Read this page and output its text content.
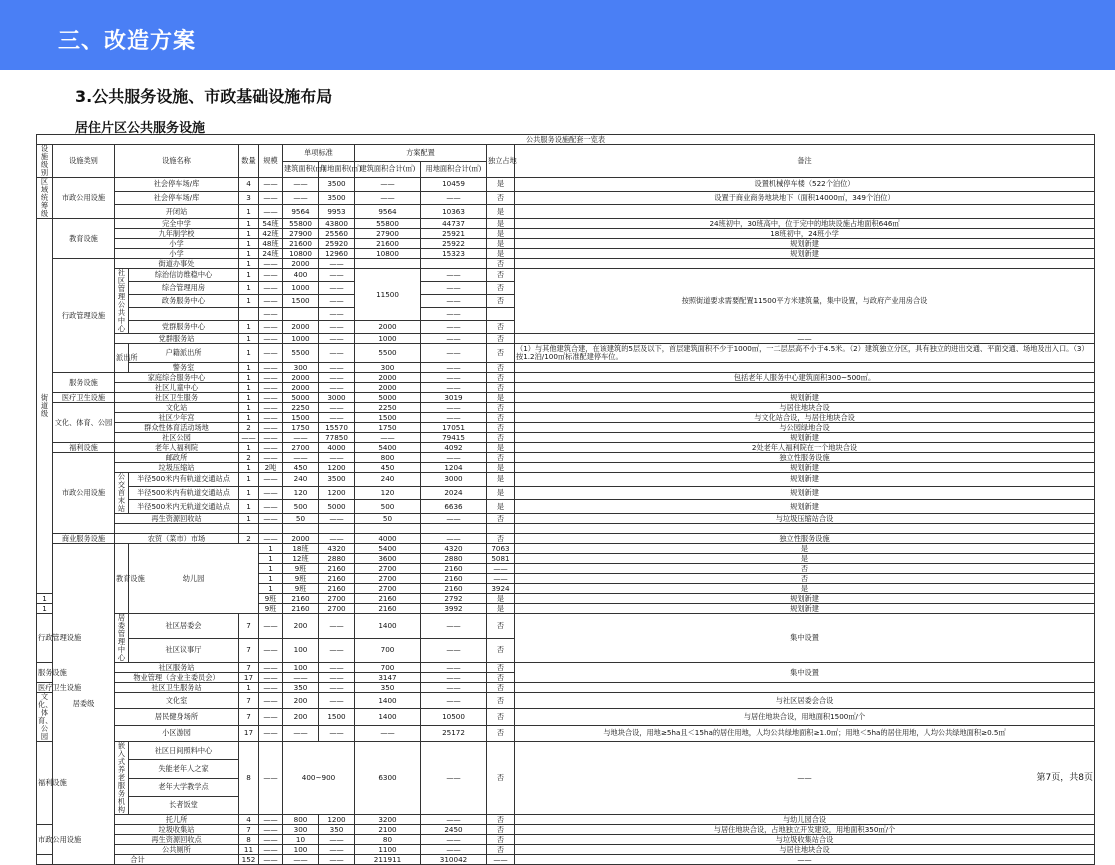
三、改造方案
3.公共服务设施、市政基础设施布局
居住片区公共服务设施
公共服务设施配套一览表												
设施级别	设施类别	设施名称		数量	规模	单项标准		方案配置		独立占地	备注	
						建筑面积(㎡)	用地面积(㎡)	建筑面积合计(㎡)	用地面积合计(㎡)			
区域统筹级	市政公用设施	社会停车场/库		4	——	——	3500	——	10459	是	设置机械停车楼（522个泊位）	
		社会停车场/库		3	——	——	3500	——	——	否	设置于商业商务地块地下（面积14000㎡，349个泊位）	
		开闭站		1	——	9564	9953	9564	10363	是		
街道级	教育设施	完全中学		1	54班	55800	43800	55800	44737	是	24班初中，30班高中，位于完中的地块设施占地面积646㎡	
		九年制学校		1	42班	27900	25560	27900	25921	是	18班初中，24班小学	
		小学		1	48班	21600	25920	21600	25922	是	规划新建	
		小学		1	24班	10800	12960	10800	15323	是	规划新建	
	行政管理设施	街道办事处		1	——	2000	——			否		
		社区管理公共中心	综治信访维稳中心	1	——	400	——	11500	——	否	按照街道要求需要配置11500平方米建筑量，集中设置，与政府产业用房合设	
			综合管理用房	1	——	1000	——		——	否		
			政务服务中心	1	——	1500	——		——	否		
					——		——		——			
			党群服务中心	1	——	2000	——	2000	——	否		
		党群服务站		1	——	1000	——	1000	——	否	——	
		派出所	户籍派出所	1	——	5500	——	5500	——	否	（1）与其他建筑合建，在该建筑的5层及以下，首层建筑面积不少于1000㎡，一二层层高不小于4.5米。（2）建筑独立分区，具有独立的进出交通、平面交通、场地及出入口。（3）按1.2泊/100㎡标准配建停车位。	
			警务室	1	——	300	——	300	——	否		
	服务设施	家庭综合服务中心		1	——	2000	——	2000	——	否	包括老年人服务中心建筑面积300~500㎡。	
		社区儿童中心		1	——	2000	——	2000	——	否		
	医疗卫生设施	社区卫生服务		1	——	5000	3000	5000	3019	是	规划新建	
	文化、体育、公园	文化站		1	——	2250	——	2250	——	否	与居住地块合设	
		社区少年宫		1	——	1500	——	1500	——	否	与文化站合设，与居住地块合设	
		群众性体育活动场地		2	——	1750	15570	1750	17051	否	与公园绿地合设	
		社区公园		——	——	——	77850	——	79415	否	规划新建	
	福利设施	老年人福利院		1	——	2700	4000	5400	4092	是	2处老年人福利院在一个地块合设	
	市政公用设施	邮政所		2	——	——	——	800	——	否	独立性服务设施	
		垃圾压缩站		1	2吨	450	1200	450	1204	是	规划新建	
		公交首末站	半径500米内有轨道交通站点	1	——	240	3500	240	3000	是	规划新建	
			半径500米内有轨道交通站点	1	——	120	1200	120	2024	是	规划新建	
			半径500米内无轨道交通站点	1	——	500	5000	500	6636	是	规划新建	
		再生资源回收站		1	——	50	——	50	——	否	与垃圾压缩站合设	

	商业服务设施	农贸（菜市）市场		2	——	2000	——	4000	——	否	独立性服务设施	
	居委级	教育设施	幼儿园		1	18班	4320	5400	4320	7063	是	
					1	12班	2880	3600	2880	5081	是	
					1	9班	2160	2700	2160	——	否	
					1	9班	2160	2700	2160	——	否	
					1	9班	2160	2700	2160	3924	是	
1					9班	2160	2700	2160	2792	是	规划新建	
1					9班	2160	2700	2160	3992	是	规划新建	
行政管理设施		居委管理中心	社区居委会	7	——	200	——	1400	——	否	集中设置	
			社区议事厅	7	——	100	——	700	——	否		
服务设施		社区服务站		7	——	100	——	700	——	否	集中设置	
		物业管理（含业主委员会）		17	——	——	——	3147	——	否		
医疗卫生设施		社区卫生服务站		1	——	350	——	350	——	否		
文化、体育、公园		文化室		7	——	200	——	1400	——	否	与社区居委会合设	
		居民健身场所		7	——	200	1500	1400	10500	否	与居住地块合设，用地面积1500㎡/个	
		小区游园		17	——	——	——	——	25172	否	与地块合设，用地≥5ha且＜15ha的居住用地，人均公共绿地面积≥1.0㎡；用地＜5ha的居住用地，人均公共绿地面积≥0.5㎡	
福利设施		嵌入式养老服务机构	社区日间照料中心	8	——	400~900		6300	——	否	——	
			失能老年人之家									
			老年大学教学点									
			长者饭堂									
		托儿所		4	——	800	1200	3200	——	否	与幼儿园合设	
市政公用设施		垃圾收集站		7	——	300	350	2100	2450	否	与居住地块合设，占地独立开发建设，用地面积350㎡/个	
		再生资源回收点		8	——	10	——	80	——	否	与垃圾收集站合设	
		公共厕所		11	——	100	——	1100	——	否	与居住地块合设	
合计				152	——	——	——	211911	310042	——	——	
第7页，共8页
